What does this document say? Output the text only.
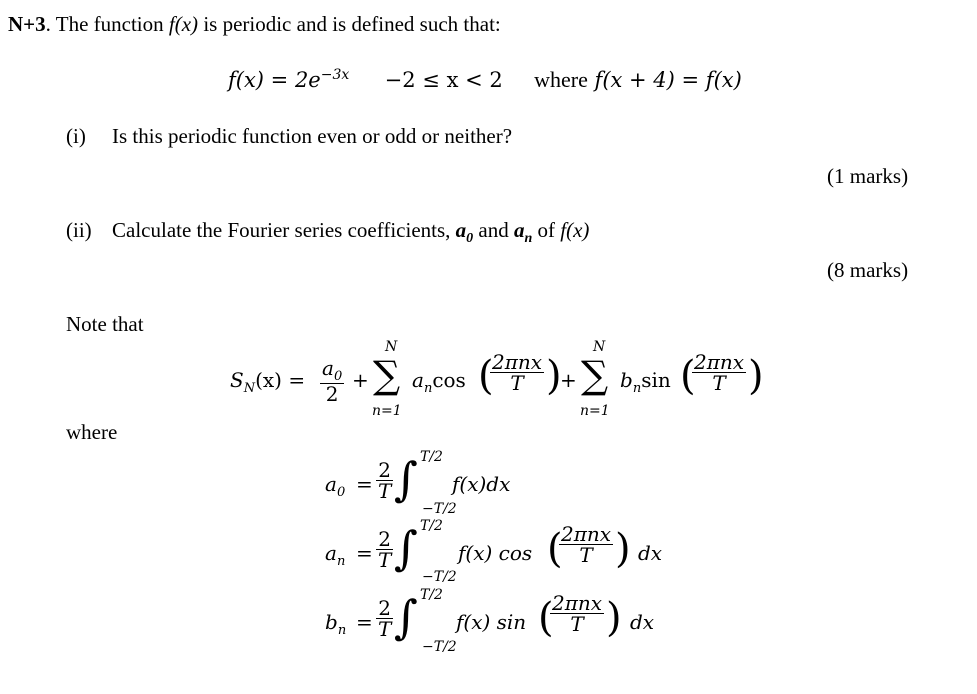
N+3. The function f(x) is periodic and is defined such that:
$f(x) = 2e^{-3x} -2 \le x < 2$ where f(x + 4) = f(x)
(i) Is this periodic function even or odd or neither?
(1 marks)
(ii) Calculate the Fourier series coefficients, $a_0$ and $a_n$ of f(x)
(8 marks)
Note that
$S_N(x) = \frac{a_0}{2}$ +
N
∑
n=1
$a_n\cos$ (
$\frac{\text{2πnx}}{T}$ )
+
N
∑
n=1
$b_n\sin$ (
$\frac{\text{2πnx}}{T}$ )
where
$a_0 = \frac{2}{T}$ ∫ T/2
−T/2
f(x)dx
$a_n = \frac{2}{T}$ ∫ T/2
−T/2
f(x) cos (
$\frac{\text{2πnx}}{T}$ ) dx
$b_n = \frac{2}{T}$ ∫ T/2
−T/2
f(x) sin (
$\frac{\text{2πnx}}{T}$ ) dx
